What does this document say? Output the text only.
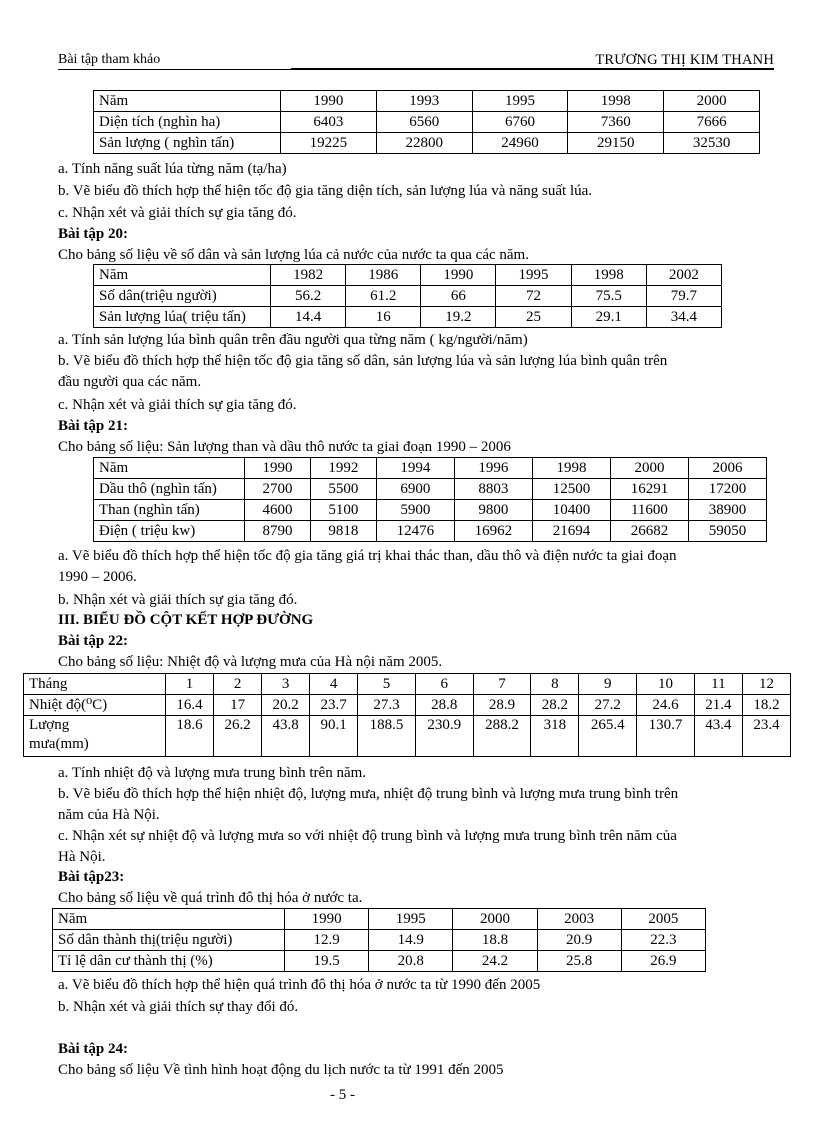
Bài tập tham khảo	TRƯƠNG THỊ KIM THANH
Năm	1990	1993	1995	1998	2000
Diện tích (nghìn ha)	6403	6560	6760	7360	7666
Sản lượng ( nghìn tấn)	19225	22800	24960	29150	32530
a. Tính năng suất lúa từng năm (tạ/ha)
b. Vẽ biểu đồ thích hợp thể hiện tốc độ gia tăng diện tích, sản lượng lúa và năng suất lúa.
c. Nhận xét và giải thích sự gia tăng đó.
Bài tập 20:
Cho bảng số liệu về số dân và sản lượng lúa cả nước của nước ta qua các năm.
Năm	1982	1986	1990	1995	1998	2002
Số dân(triệu người)	56.2	61.2	66	72	75.5	79.7
Sản lượng lúa( triệu tấn)	14.4	16	19.2	25	29.1	34.4
a. Tính sản lượng lúa bình quân trên đầu người qua từng năm ( kg/người/năm)
b. Vẽ biểu đồ thích hợp thể hiện tốc độ gia tăng số dân, sản lượng lúa và sản lượng lúa bình quân trên
đầu người qua các năm.
c. Nhận xét và giải thích sự gia tăng đó.
Bài tập 21:
Cho bảng số liệu: Sản lượng than và dầu thô nước ta giai đoạn 1990 – 2006
Năm	1990	1992	1994	1996	1998	2000	2006
Dầu thô (nghìn tấn)	2700	5500	6900	8803	12500	16291	17200
Than (nghìn tấn)	4600	5100	5900	9800	10400	11600	38900
Điện ( triệu kw)	8790	9818	12476	16962	21694	26682	59050
a. Vẽ biểu đồ thích hợp thể hiện tốc độ gia tăng giá trị khai thác than, dầu thô và điện nước ta giai đoạn
1990 – 2006.
b. Nhận xét và giải thích sự gia tăng đó.
III. BIỂU ĐỒ CỘT KẾT HỢP ĐƯỜNG
Bài tập 22:
Cho bảng số liệu: Nhiệt độ và lượng mưa của Hà nội năm 2005.
Tháng	1	2	3	4	5	6	7	8	9	10	11	12
Nhiệt độ(⁰C)	16.4	17	20.2	23.7	27.3	28.8	28.9	28.2	27.2	24.6	21.4	18.2

Lượng
mưa(mm)	18.6	26.2	43.8	90.1	188.5	230.9	288.2	318	265.4	130.7	43.4	23.4
a. Tính nhiệt độ và lượng mưa trung bình trên năm.
b. Vẽ biểu đồ thích hợp thể hiện nhiệt độ, lượng mưa, nhiệt độ trung bình và lượng mưa trung bình trên
năm của Hà Nội.
c. Nhận xét sự nhiệt độ và lượng mưa so với nhiệt độ trung bình và lượng mưa trung bình trên năm của
Hà Nội.
Bài tập23:
Cho bảng số liệu về quá trình đô thị hóa ở nước ta.
Năm	1990	1995	2000	2003	2005
Số dân thành thị(triệu người)	12.9	14.9	18.8	20.9	22.3
Tỉ lệ dân cư thành thị (%)	19.5	20.8	24.2	25.8	26.9
a. Vẽ biểu đồ thích hợp thể hiện quá trình đô thị hóa ở nước ta từ 1990 đến 2005
b. Nhận xét và giải thích sự thay đổi đó.
Bài tập 24:
Cho bảng số liệu Về tình hình hoạt động du lịch nước ta từ 1991 đến 2005
- 5 -
